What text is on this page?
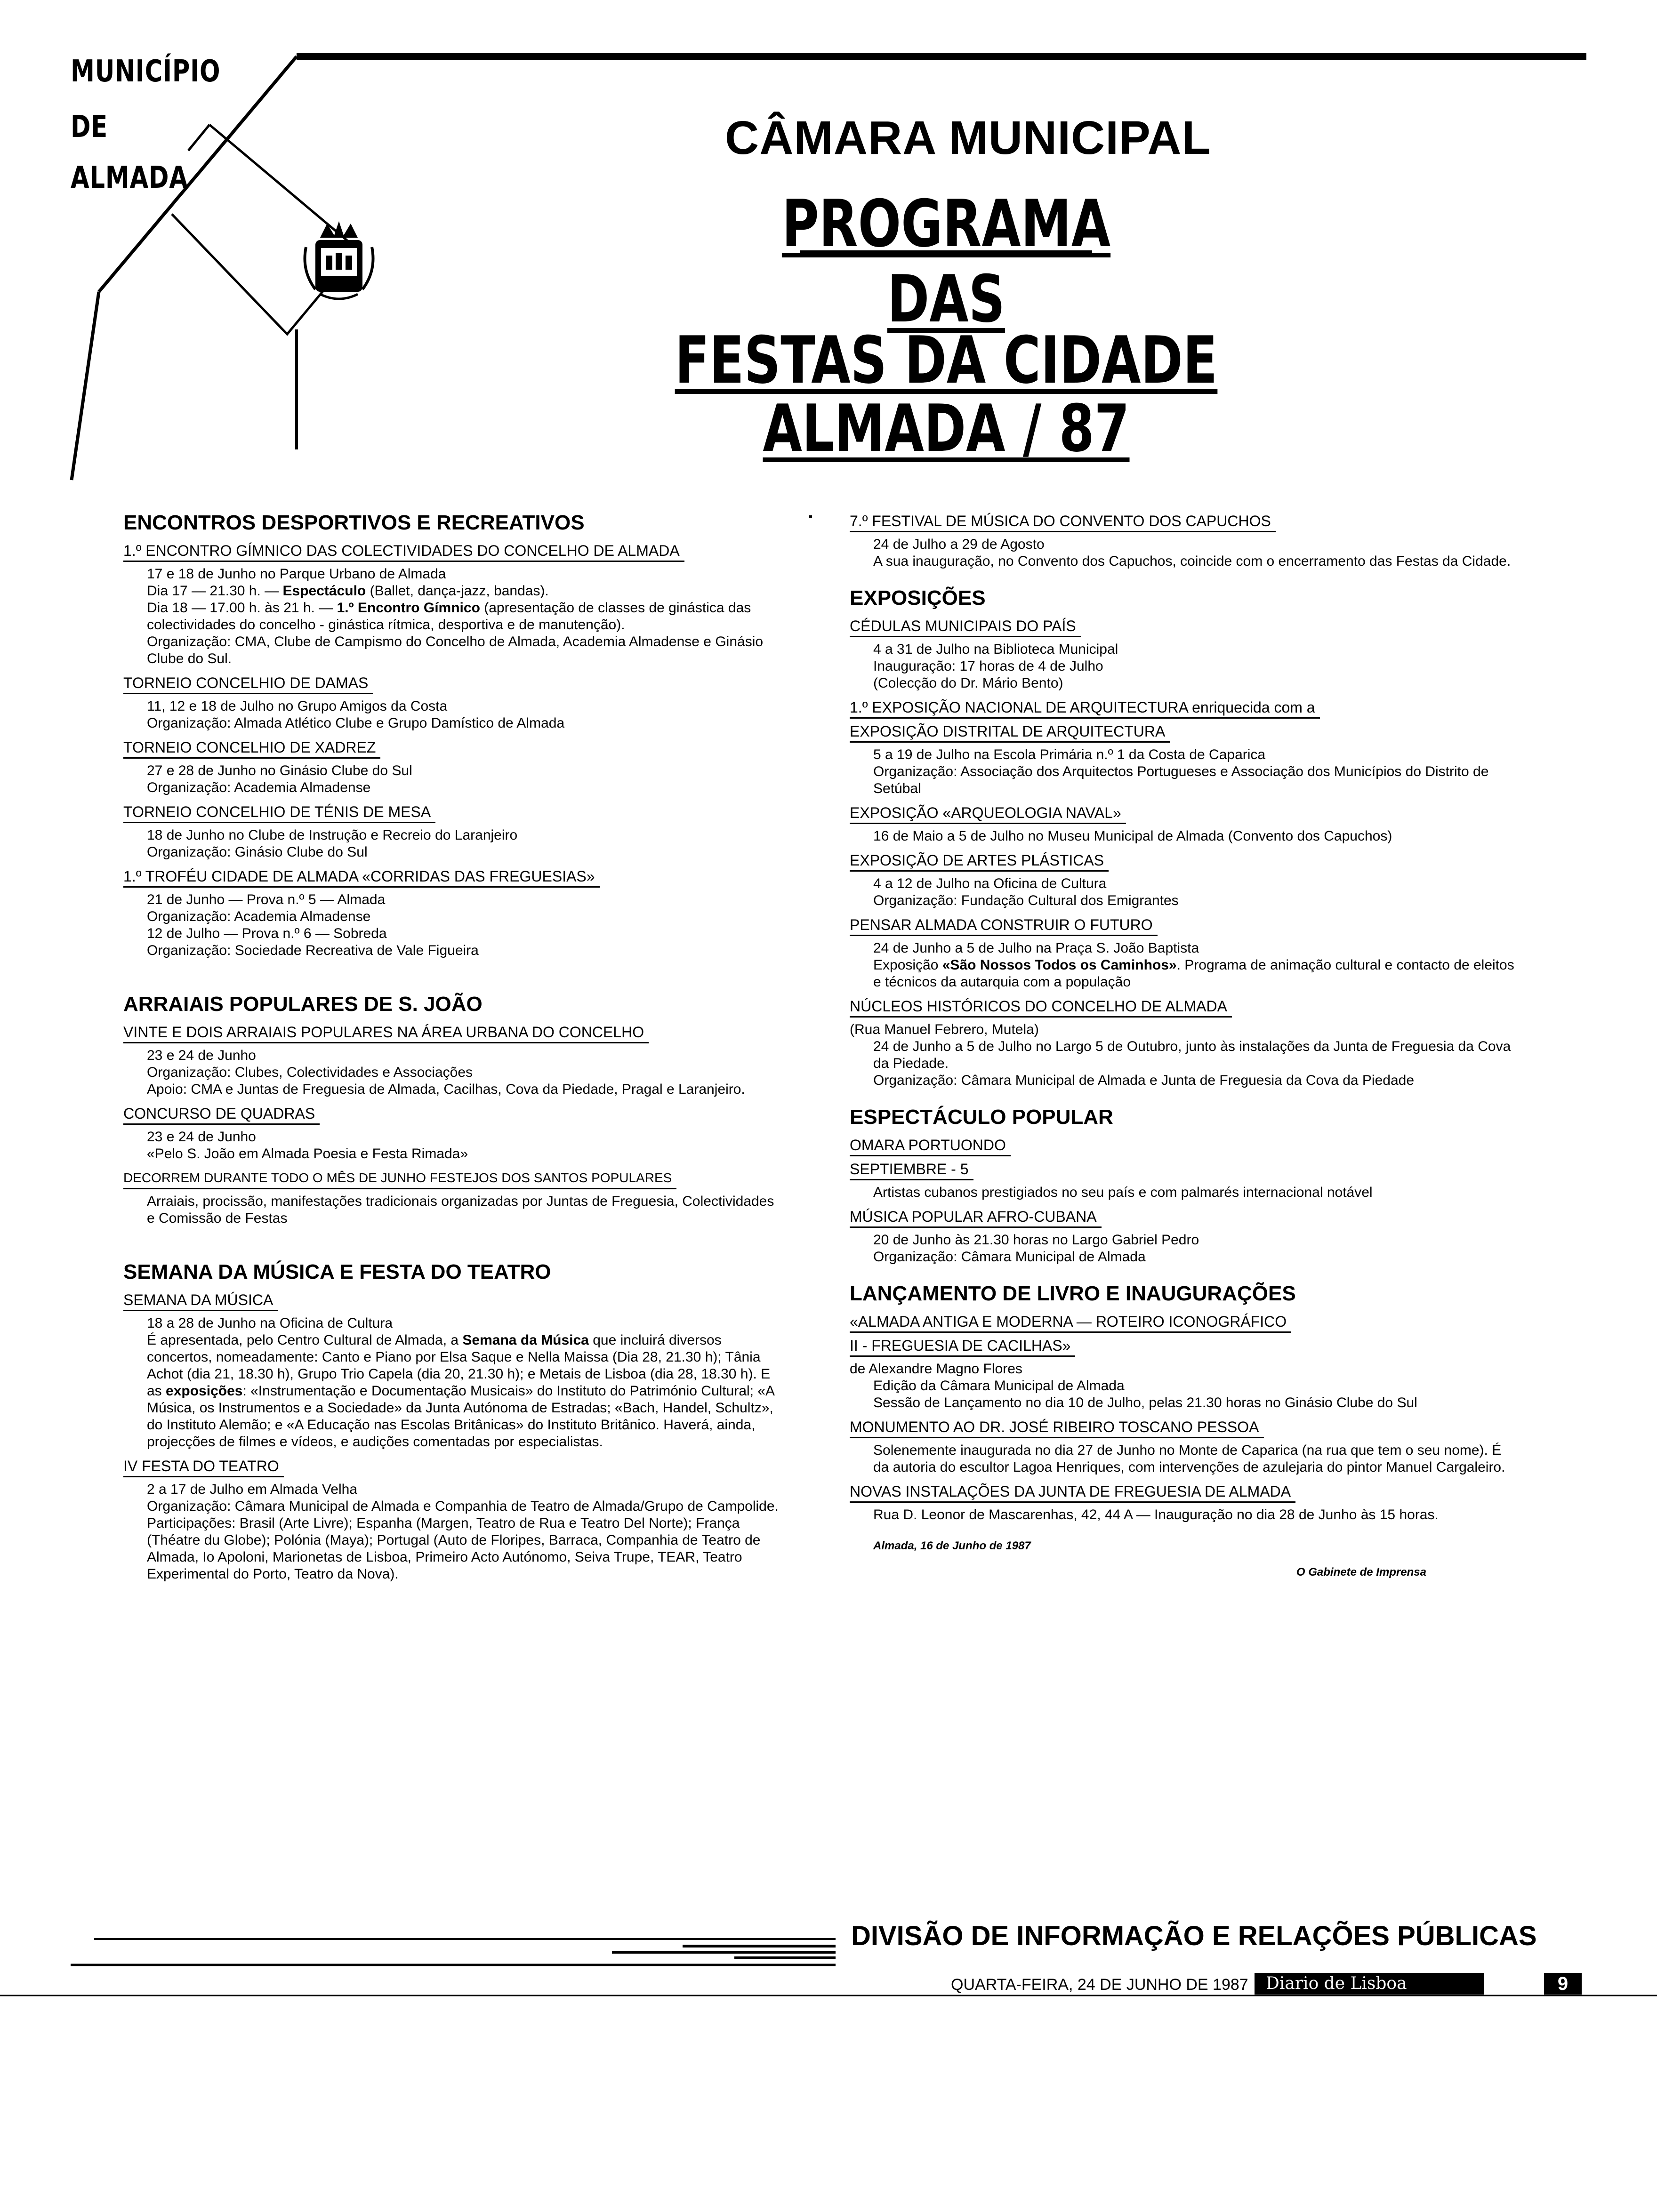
MUNICÍPIO
DE
ALMADA
CÂMARA MUNICIPAL
PROGRAMA
DAS
FESTAS DA CIDADE
ALMADA / 87

ENCONTROS DESPORTIVOS E RECREATIVOS

1.º ENCONTRO GÍMNICO DAS COLECTIVIDADES DO CONCELHO DE ALMADA

17 e 18 de Junho no Parque Urbano de Almada

Dia 17 — 21.30 h. — Espectáculo (Ballet, dança-jazz, bandas).

Dia 18 — 17.00 h. às 21 h. — 1.º Encontro Gímnico (apresentação de classes de ginástica das colectividades do concelho - ginástica rítmica, desportiva e de manutenção).

Organização: CMA, Clube de Campismo do Concelho de Almada, Academia Almadense e Ginásio Clube do Sul.

TORNEIO CONCELHIO DE DAMAS

11, 12 e 18 de Julho no Grupo Amigos da Costa

Organização: Almada Atlético Clube e Grupo Damístico de Almada

TORNEIO CONCELHIO DE XADREZ

27 e 28 de Junho no Ginásio Clube do Sul

Organização: Academia Almadense

TORNEIO CONCELHIO DE TÉNIS DE MESA

18 de Junho no Clube de Instrução e Recreio do Laranjeiro

Organização: Ginásio Clube do Sul

1.º TROFÉU CIDADE DE ALMADA «CORRIDAS DAS FREGUESIAS»

21 de Junho — Prova n.º 5 — Almada

Organização: Academia Almadense

12 de Julho — Prova n.º 6 — Sobreda

Organização: Sociedade Recreativa de Vale Figueira

ARRAIAIS POPULARES DE S. JOÃO

VINTE E DOIS ARRAIAIS POPULARES NA ÁREA URBANA DO CONCELHO

23 e 24 de Junho

Organização: Clubes, Colectividades e Associações

Apoio: CMA e Juntas de Freguesia de Almada, Cacilhas, Cova da Piedade, Pragal e Laranjeiro.

CONCURSO DE QUADRAS

23 e 24 de Junho

«Pelo S. João em Almada Poesia e Festa Rimada»

DECORREM DURANTE TODO O MÊS DE JUNHO FESTEJOS DOS SANTOS POPULARES

Arraiais, procissão, manifestações tradicionais organizadas por Juntas de Freguesia, Colectividades e Comissão de Festas

SEMANA DA MÚSICA E FESTA DO TEATRO

SEMANA DA MÚSICA

18 a 28 de Junho na Oficina de Cultura

É apresentada, pelo Centro Cultural de Almada, a Semana da Música que incluirá diversos concertos, nomeadamente: Canto e Piano por Elsa Saque e Nella Maissa (Dia 28, 21.30 h); Tânia Achot (dia 21, 18.30 h), Grupo Trio Capela (dia 20, 21.30 h); e Metais de Lisboa (dia 28, 18.30 h). E as exposições: «Instrumentação e Documentação Musicais» do Instituto do Património Cultural; «A Música, os Instrumentos e a Sociedade» da Junta Autónoma de Estradas; «Bach, Handel, Schultz», do Instituto Alemão; e «A Educação nas Escolas Britânicas» do Instituto Britânico. Haverá, ainda, projecções de filmes e vídeos, e audições comentadas por especialistas.

IV FESTA DO TEATRO

2 a 17 de Julho em Almada Velha

Organização: Câmara Municipal de Almada e Companhia de Teatro de Almada/Grupo de Campolide.

Participações: Brasil (Arte Livre); Espanha (Margen, Teatro de Rua e Teatro Del Norte); França (Théatre du Globe); Polónia (Maya); Portugal (Auto de Floripes, Barraca, Companhia de Teatro de Almada, Io Apoloni, Marionetas de Lisboa, Primeiro Acto Autónomo, Seiva Trupe, TEAR, Teatro Experimental do Porto, Teatro da Nova).

7.º FESTIVAL DE MÚSICA DO CONVENTO DOS CAPUCHOS

24 de Julho a 29 de Agosto

A sua inauguração, no Convento dos Capuchos, coincide com o encerramento das Festas da Cidade.

EXPOSIÇÕES

CÉDULAS MUNICIPAIS DO PAÍS

4 a 31 de Julho na Biblioteca Municipal

Inauguração: 17 horas de 4 de Julho

(Colecção do Dr. Mário Bento)

1.º EXPOSIÇÃO NACIONAL DE ARQUITECTURA enriquecida com a
EXPOSIÇÃO DISTRITAL DE ARQUITECTURA

5 a 19 de Julho na Escola Primária n.º 1 da Costa de Caparica

Organização: Associação dos Arquitectos Portugueses e Associação dos Municípios do Distrito de Setúbal

EXPOSIÇÃO «ARQUEOLOGIA NAVAL»

16 de Maio a 5 de Julho no Museu Municipal de Almada (Convento dos Capuchos)

EXPOSIÇÃO DE ARTES PLÁSTICAS

4 a 12 de Julho na Oficina de Cultura

Organização: Fundação Cultural dos Emigrantes

PENSAR ALMADA CONSTRUIR O FUTURO

24 de Junho a 5 de Julho na Praça S. João Baptista

Exposição «São Nossos Todos os Caminhos». Programa de animação cultural e contacto de eleitos e técnicos da autarquia com a população

NÚCLEOS HISTÓRICOS DO CONCELHO DE ALMADA

(Rua Manuel Febrero, Mutela)

24 de Junho a 5 de Julho no Largo 5 de Outubro, junto às instalações da Junta de Freguesia da Cova da Piedade.

Organização: Câmara Municipal de Almada e Junta de Freguesia da Cova da Piedade

ESPECTÁCULO POPULAR

OMARA PORTUONDO
SEPTIEMBRE - 5

Artistas cubanos prestigiados no seu país e com palmarés internacional notável

MÚSICA POPULAR AFRO-CUBANA

20 de Junho às 21.30 horas no Largo Gabriel Pedro

Organização: Câmara Municipal de Almada

LANÇAMENTO DE LIVRO E INAUGURAÇÕES

«ALMADA ANTIGA E MODERNA — ROTEIRO ICONOGRÁFICO
II - FREGUESIA DE CACILHAS»

de Alexandre Magno Flores

Edição da Câmara Municipal de Almada

Sessão de Lançamento no dia 10 de Julho, pelas 21.30 horas no Ginásio Clube do Sul

MONUMENTO AO DR. JOSÉ RIBEIRO TOSCANO PESSOA

Solenemente inaugurada no dia 27 de Junho no Monte de Caparica (na rua que tem o seu nome). É da autoria do escultor Lagoa Henriques, com intervenções de azulejaria do pintor Manuel Cargaleiro.

NOVAS INSTALAÇÕES DA JUNTA DE FREGUESIA DE ALMADA

Rua D. Leonor de Mascarenhas, 42, 44 A — Inauguração no dia 28 de Junho às 15 horas.

Almada, 16 de Junho de 1987

O Gabinete de Imprensa

DIVISÃO DE INFORMAÇÃO E RELAÇÕES PÚBLICAS
QUARTA-FEIRA, 24 DE JUNHO DE 1987	Diario de Lisboa	9
